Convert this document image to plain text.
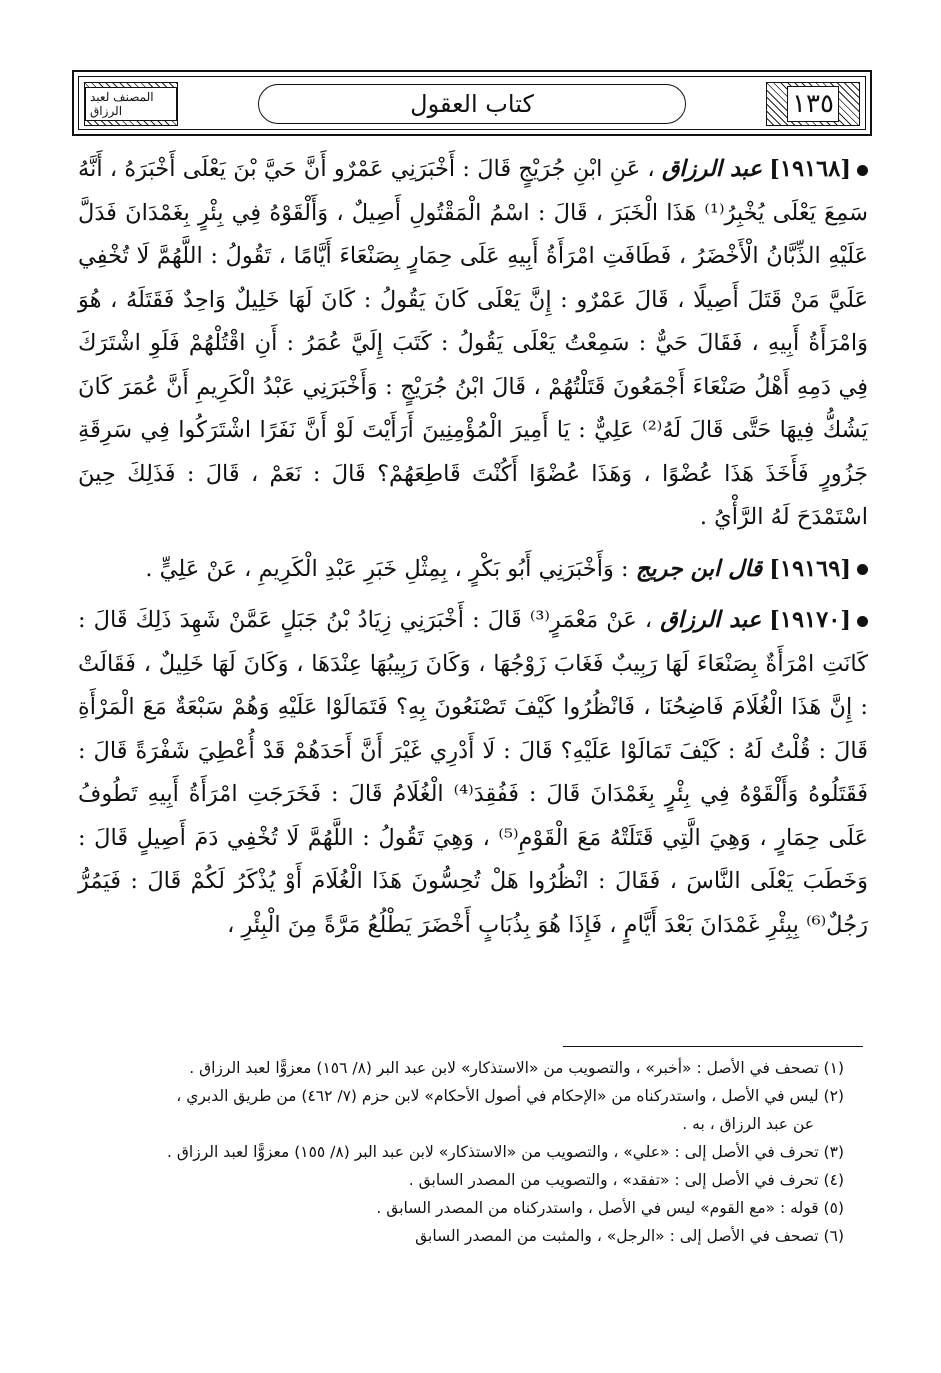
المصنف لعبد الرزاق	كتاب العقول	١٣٥

[١٩١٦٨] عبد الرزاق ، عَنِ ابْنِ جُرَيْجٍ قَالَ : أَخْبَرَنِي عَمْرٌو أَنَّ حَيَّ بْنَ يَعْلَى أَخْبَرَهُ ، أَنَّهُ سَمِعَ يَعْلَى يُخْبِرُ⁽¹⁾ هَذَا الْخَبَرَ ، قَالَ : اسْمُ الْمَقْتُولِ أَصِيلٌ ، وَأَلْقَوْهُ فِي بِئْرٍ بِغَمْدَانَ فَدَلَّ عَلَيْهِ الذِّبَّانُ الْأَخْضَرُ ، فَطَافَتِ امْرَأَةُ أَبِيهِ عَلَى حِمَارٍ بِصَنْعَاءَ أَيَّامًا ، تَقُولُ : اللَّهُمَّ لَا تُخْفِي عَلَيَّ مَنْ قَتَلَ أَصِيلًا ، قَالَ عَمْرٌو : إِنَّ يَعْلَى كَانَ يَقُولُ : كَانَ لَهَا خَلِيلٌ وَاحِدٌ فَقَتَلَهُ ، هُوَ وَامْرَأَةُ أَبِيهِ ، فَقَالَ حَيٌّ : سَمِعْتُ يَعْلَى يَقُولُ : كَتَبَ إِلَيَّ عُمَرُ : أَنِ اقْتُلْهُمْ فَلَوِ اشْتَرَكَ فِي دَمِهِ أَهْلُ صَنْعَاءَ أَجْمَعُونَ قَتَلْتُهُمْ ، قَالَ ابْنُ جُرَيْجٍ : وَأَخْبَرَنِي عَبْدُ الْكَرِيمِ أَنَّ عُمَرَ كَانَ يَشُكُّ فِيهَا حَتَّى قَالَ لَهُ⁽²⁾ عَلِيٌّ : يَا أَمِيرَ الْمُؤْمِنِينَ أَرَأَيْتَ لَوْ أَنَّ نَفَرًا اشْتَرَكُوا فِي سَرِقَةِ جَزُورٍ فَأَخَذَ هَذَا عُضْوًا ، وَهَذَا عُضْوًا أَكُنْتَ قَاطِعَهُمْ؟ قَالَ : نَعَمْ ، قَالَ : فَذَلِكَ حِينَ اسْتَمْدَحَ لَهُ الرَّأْيُ .

[١٩١٦٩] قال ابن جريج : وَأَخْبَرَنِي أَبُو بَكْرٍ ، بِمِثْلِ خَبَرِ عَبْدِ الْكَرِيمِ ، عَنْ عَلِيٍّ .

[١٩١٧٠] عبد الرزاق ، عَنْ مَعْمَرٍ⁽³⁾ قَالَ : أَخْبَرَنِي زِيَادُ بْنُ جَبَلٍ عَمَّنْ شَهِدَ ذَلِكَ قَالَ : كَانَتِ امْرَأَةٌ بِصَنْعَاءَ لَهَا رَبِيبٌ فَغَابَ زَوْجُهَا ، وَكَانَ رَبِيبُهَا عِنْدَهَا ، وَكَانَ لَهَا خَلِيلٌ ، فَقَالَتْ : إِنَّ هَذَا الْغُلَامَ فَاضِحُنَا ، فَانْظُرُوا كَيْفَ تَصْنَعُونَ بِهِ؟ فَتَمَالَوْا عَلَيْهِ وَهُمْ سَبْعَةٌ مَعَ الْمَرْأَةِ قَالَ : قُلْتُ لَهُ : كَيْفَ تَمَالَوْا عَلَيْهِ؟ قَالَ : لَا أَدْرِي غَيْرَ أَنَّ أَحَدَهُمْ قَدْ أُعْطِيَ شَفْرَةً قَالَ : فَقَتَلُوهُ وَأَلْقَوْهُ فِي بِئْرٍ بِغَمْدَانَ قَالَ : فَفُقِدَ⁽⁴⁾ الْغُلَامُ قَالَ : فَخَرَجَتِ امْرَأَةُ أَبِيهِ تَطُوفُ عَلَى حِمَارٍ ، وَهِيَ الَّتِي قَتَلَتْهُ مَعَ الْقَوْمِ⁽⁵⁾ ، وَهِيَ تَقُولُ : اللَّهُمَّ لَا تُخْفِي دَمَ أَصِيلٍ قَالَ : وَخَطَبَ يَعْلَى النَّاسَ ، فَقَالَ : انْظُرُوا هَلْ تُحِسُّونَ هَذَا الْغُلَامَ أَوْ يُذْكَرُ لَكُمْ قَالَ : فَيَمُرُّ رَجُلٌ⁽⁶⁾ بِبِئْرِ غَمْدَانَ بَعْدَ أَيَّامٍ ، فَإِذَا هُوَ بِذُبَابٍ أَخْضَرَ يَطْلُعُ مَرَّةً مِنَ الْبِئْرِ ،

(١) تصحف في الأصل : «أخبر» ، والتصويب من «الاستذكار» لابن عبد البر (٨/ ١٥٦) معزوًّا لعبد الرزاق .

(٢) ليس في الأصل ، واستدركناه من «الإحكام في أصول الأحكام» لابن حزم (٧/ ٤٦٢) من طريق الدبري ،

عن عبد الرزاق ، به .

(٣) تحرف في الأصل إلى : «علي» ، والتصويب من «الاستذكار» لابن عبد البر (٨/ ١٥٥) معزوًّا لعبد الرزاق .

(٤) تحرف في الأصل إلى : «تفقد» ، والتصويب من المصدر السابق .

(٥) قوله : «مع القوم» ليس في الأصل ، واستدركناه من المصدر السابق .

(٦) تصحف في الأصل إلى : «الرجل» ، والمثبت من المصدر السابق
